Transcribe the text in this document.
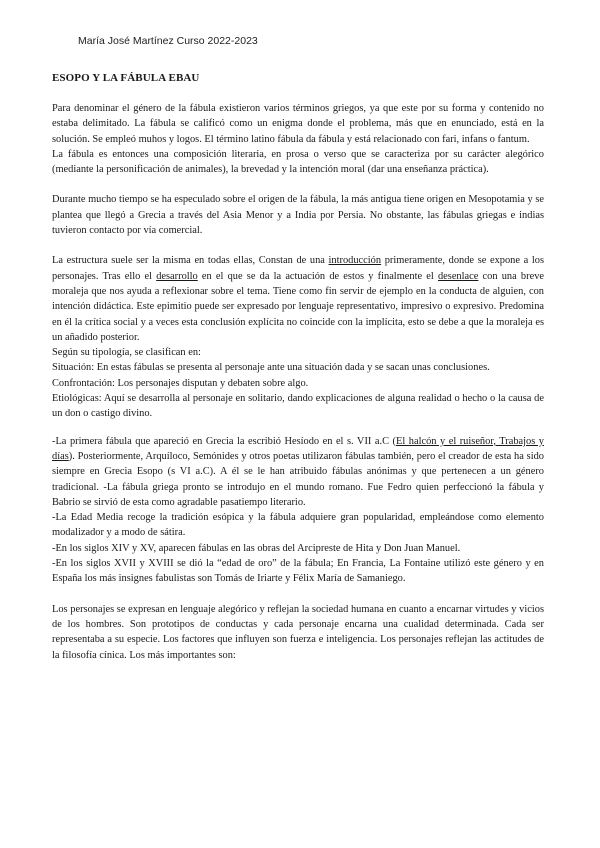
María José Martínez Curso 2022-2023
ESOPO Y LA FÁBULA EBAU

Para denominar el género de la fábula existieron varios términos griegos, ya que este por su forma y contenido no estaba delimitado. La fábula se calificó como un enigma donde el problema, más que en enunciado, está en la solución. Se empleó muhos y logos. El término latino fábula da fábula y está relacionado con fari, infans o fantum.

La fábula es entonces una composición literaria, en prosa o verso que se caracteriza por su carácter alegórico (mediante la personificación de animales), la brevedad y la intención moral (dar una enseñanza práctica).

Durante mucho tiempo se ha especulado sobre el origen de la fábula, la más antigua tiene origen en Mesopotamia y se plantea que llegó a Grecia a través del Asia Menor y a India por Persia. No obstante, las fábulas griegas e indias tuvieron contacto por vía comercial.

La estructura suele ser la misma en todas ellas, Constan de una introducción primeramente, donde se expone a los personajes. Tras ello el desarrollo en el que se da la actuación de estos y finalmente el desenlace con una breve moraleja que nos ayuda a reflexionar sobre el tema. Tiene como fin servir de ejemplo en la conducta de alguien, con intención didáctica. Este epimitio puede ser expresado por lenguaje representativo, impresivo o expresivo. Predomina en él la crítica social y a veces esta conclusión explícita no coincide con la implícita, esto se debe a que la moraleja es un añadido posterior.

Según su tipología, se clasifican en:

Situación: En estas fábulas se presenta al personaje ante una situación dada y se sacan unas conclusiones.

Confrontación: Los personajes disputan y debaten sobre algo.

Etiológicas: Aquí se desarrolla al personaje en solitario, dando explicaciones de alguna realidad o hecho o la causa de un don o castigo divino.

-La primera fábula que apareció en Grecia la escribió Hesíodo en el s. VII a.C (El halcón y el ruiseñor, Trabajos y días). Posteriormente, Arquíloco, Semónides y otros poetas utilizaron fábulas también, pero el creador de esta ha sido siempre en Grecia Esopo (s VI a.C). A él se le han atribuido fábulas anónimas y que pertenecen a un género tradicional. -La fábula griega pronto se introdujo en el mundo romano. Fue Fedro quien perfeccionó la fábula y Babrio se sirvió de esta como agradable pasatiempo literario.

-La Edad Media recoge la tradición esópica y la fábula adquiere gran popularidad, empleándose como elemento modalizador y a modo de sátira.

-En los siglos XIV y XV, aparecen fábulas en las obras del Arcipreste de Hita y Don Juan Manuel.

-En los siglos XVII y XVIII se dió la “edad de oro” de la fábula; En Francia, La Fontaine utilizó este género y en España los más insignes fabulistas son Tomás de Iriarte y Félix María de Samaniego.

Los personajes se expresan en lenguaje alegórico y reflejan la sociedad humana en cuanto a encarnar virtudes y vicios de los hombres. Son prototipos de conductas y cada personaje encarna una cualidad determinada. Cada ser representaba a su especie. Los factores que influyen son fuerza e inteligencia. Los personajes reflejan las actitudes de la filosofía cínica. Los más importantes son:
